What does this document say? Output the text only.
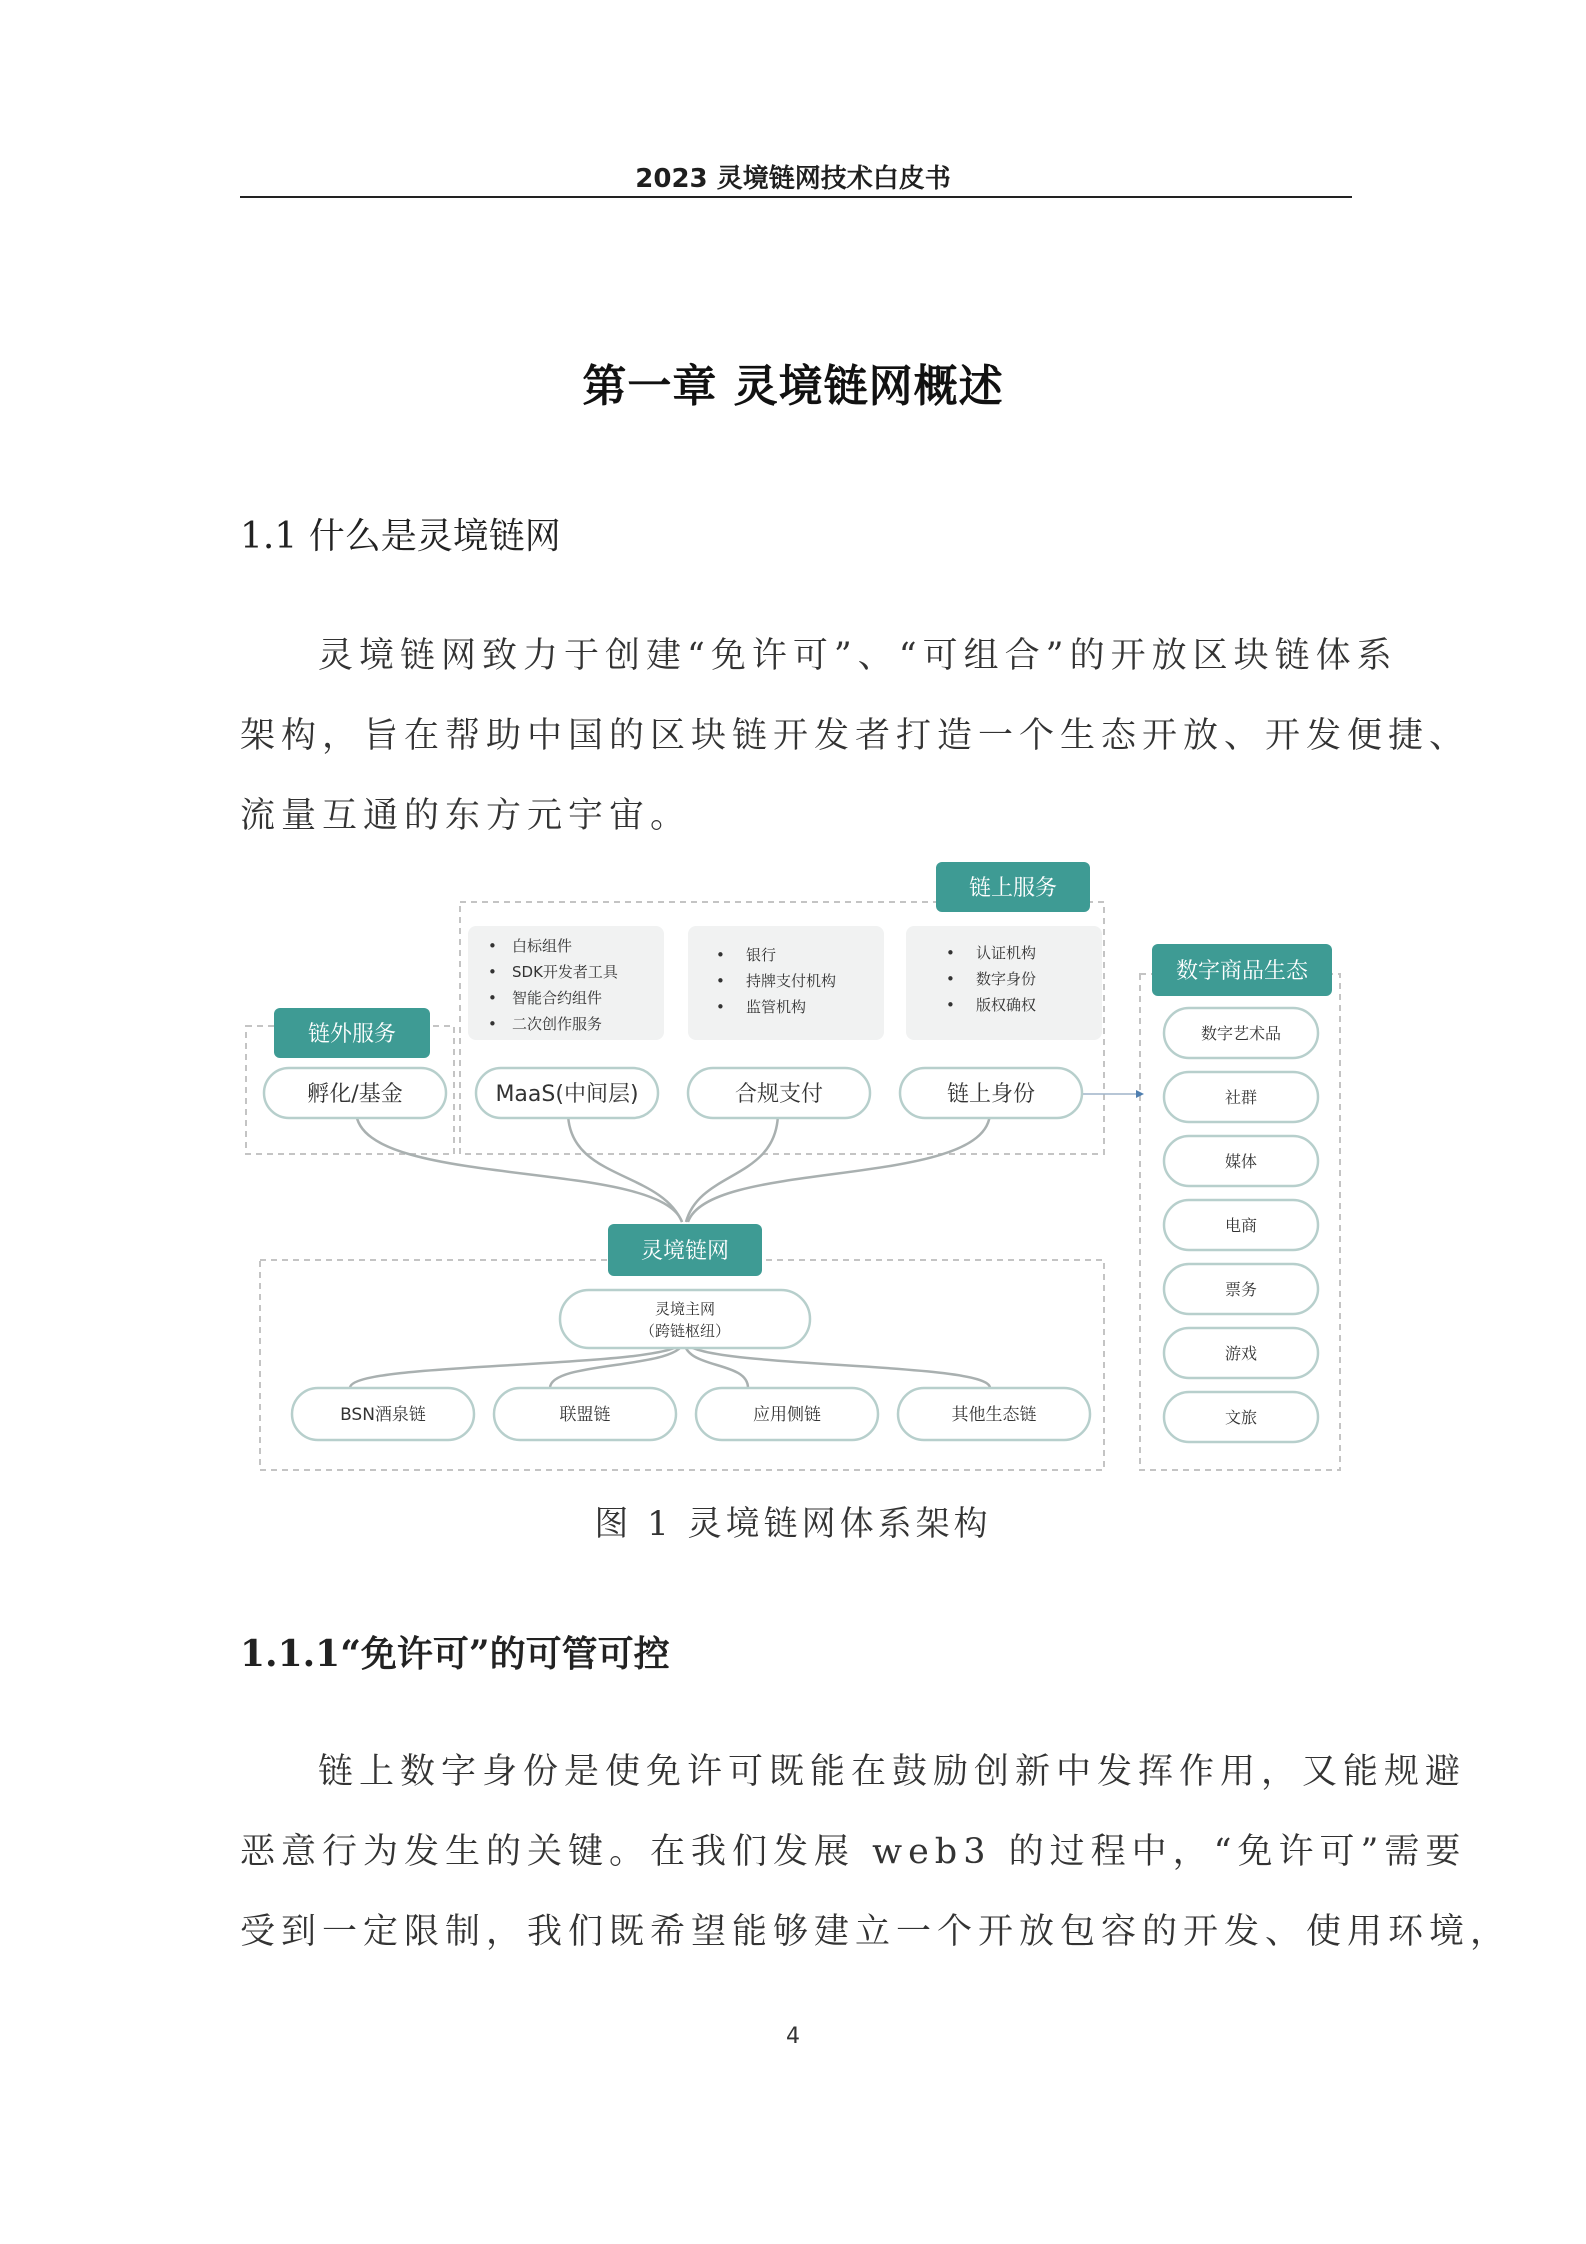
2023 灵境链网技术白皮书
第一章 灵境链网概述
1.1 什么是灵境链网
灵境链网致力于创建“免许可”、“可组合”的开放区块链体系
架构，旨在帮助中国的区块链开发者打造一个生态开放、开发便捷、
流量互通的东方元宇宙。
• 白标组件
• SDK开发者工具
• 智能合约组件
• 二次创作服务
• 银行
• 持牌支付机构
• 监管机构
• 认证机构
• 数字身份
• 版权确权
链上服务
链外服务
数字商品生态
灵境链网
孵化/基金	MaaS(中间层)	合规支付	链上身份
灵境主网
（跨链枢纽）
BSN酒泉链	联盟链	应用侧链	其他生态链
数字艺术品
社群
媒体
电商
票务
游戏
文旅
图 1 灵境链网体系架构
1.1.1“免许可”的可管可控
链上数字身份是使免许可既能在鼓励创新中发挥作用，又能规避
恶意行为发生的关键。在我们发展 web3 的过程中，“免许可”需要
受到一定限制，我们既希望能够建立一个开放包容的开发、使用环境，
4
